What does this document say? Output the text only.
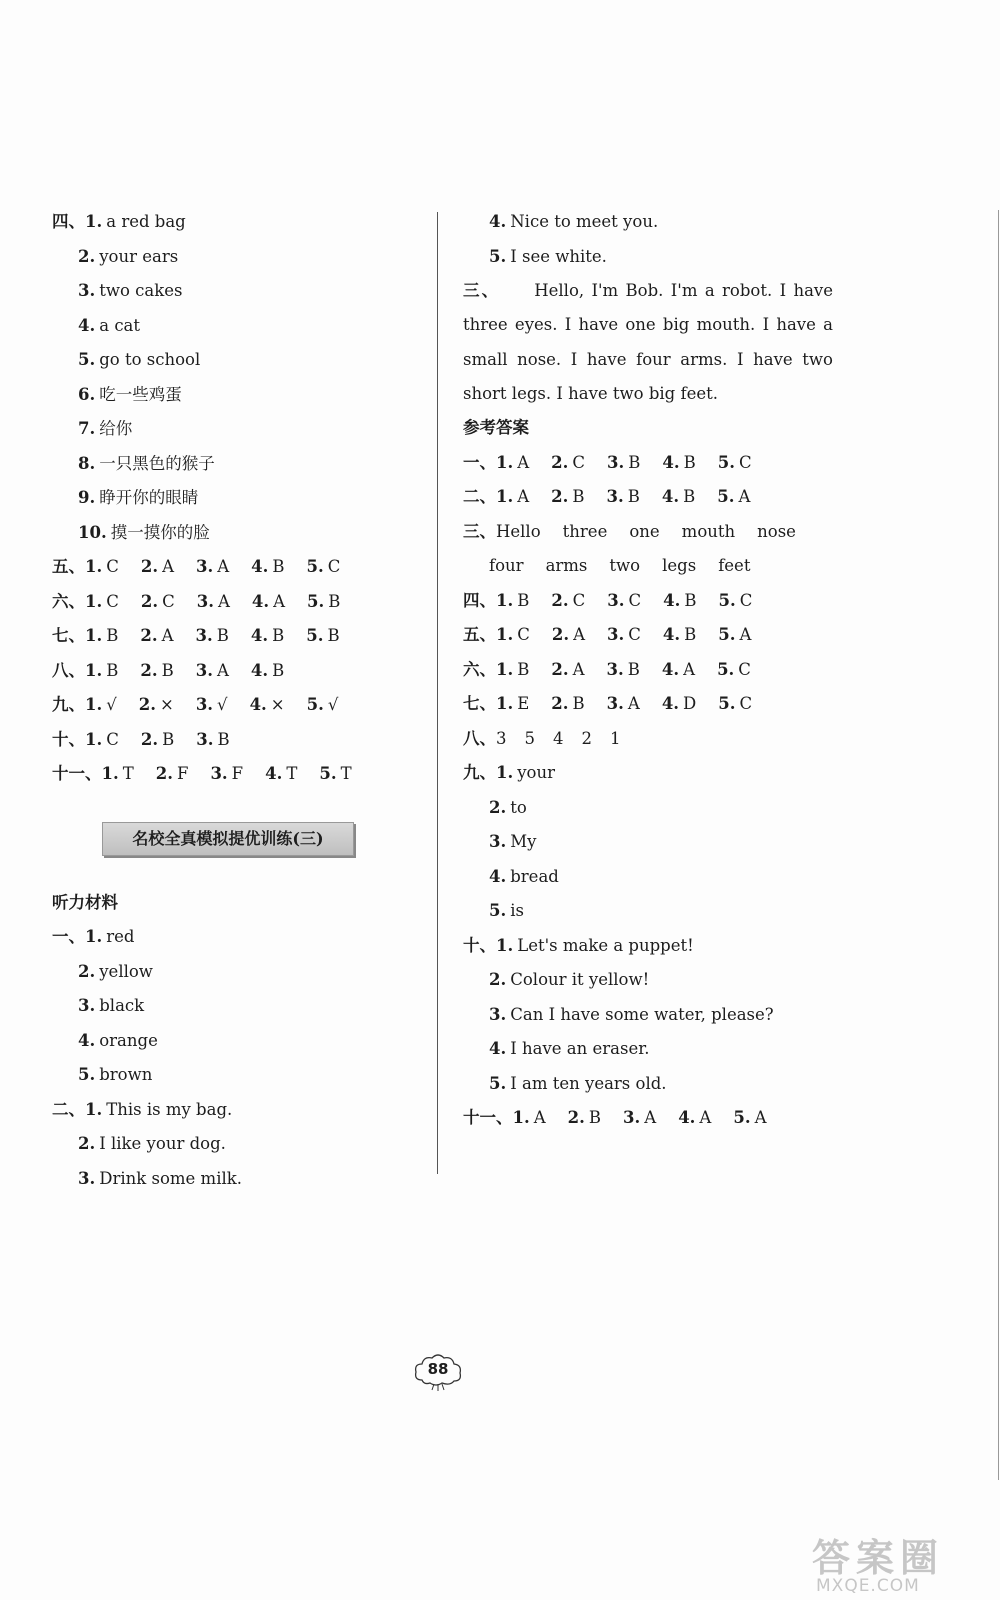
四、1. a red bag
2. your ears
3. two cakes
4. a cat
5. go to school
6. 吃一些鸡蛋
7. 给你
8. 一只黑色的猴子
9. 睁开你的眼睛
10. 摸一摸你的脸
五、1. C 2. A 3. A 4. B 5. C
六、1. C 2. C 3. A 4. A 5. B
七、1. B 2. A 3. B 4. B 5. B
八、1. B 2. B 3. A 4. B
九、1. √ 2. × 3. √ 4. × 5. √
十、1. C 2. B 3. B
十一、1. T 2. F 3. F 4. T 5. T
名校全真模拟提优训练(三)
听力材料
一、1. red
2. yellow
3. black
4. orange
5. brown
二、1. This is my bag.
2. I like your dog.
3. Drink some milk.
4. Nice to meet you.
5. I see white.
三、 Hello, I'm Bob. I'm a robot. I have three eyes. I have one big mouth. I have a small nose. I have four arms. I have two short legs. I have two big feet.
参考答案
一、1. A 2. C 3. B 4. B 5. C
二、1. A 2. B 3. B 4. B 5. A
三、Hello three one mouth nose
four arms two legs feet
四、1. B 2. C 3. C 4. B 5. C
五、1. C 2. A 3. C 4. B 5. A
六、1. B 2. A 3. B 4. A 5. C
七、1. E 2. B 3. A 4. D 5. C
八、3 5 4 2 1
九、1. your
2. to
3. My
4. bread
5. is
十、1. Let's make a puppet!
2. Colour it yellow!
3. Can I have some water, please?
4. I have an eraser.
5. I am ten years old.
十一、1. A 2. B 3. A 4. A 5. A
88
答案圈
MXQE.COM
